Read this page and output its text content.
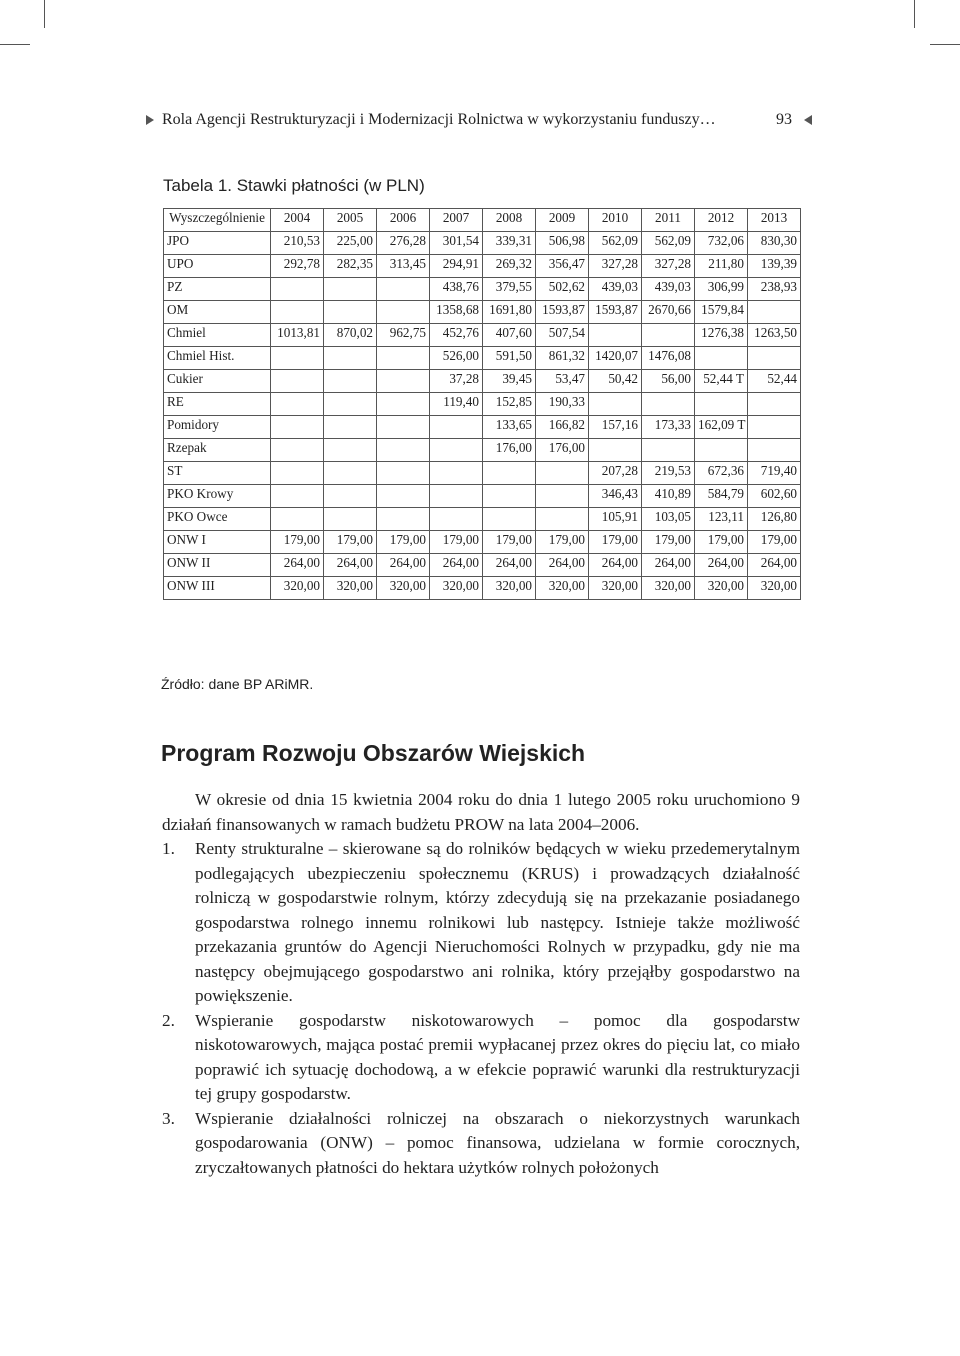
Rola Agencji Restrukturyzacji i Modernizacji Rolnictwa w wykorzystaniu funduszy…	93
Tabela 1. Stawki płatności (w PLN)
Wyszczególnienie	2004	2005	2006	2007	2008	2009	2010	2011	2012	2013
JPO	210,53	225,00	276,28	301,54	339,31	506,98	562,09	562,09	732,06	830,30
UPO	292,78	282,35	313,45	294,91	269,32	356,47	327,28	327,28	211,80	139,39
PZ				438,76	379,55	502,62	439,03	439,03	306,99	238,93
OM				1358,68	1691,80	1593,87	1593,87	2670,66	1579,84	
Chmiel	1013,81	870,02	962,75	452,76	407,60	507,54			1276,38	1263,50
Chmiel Hist.				526,00	591,50	861,32	1420,07	1476,08		
Cukier				37,28	39,45	53,47	50,42	56,00	52,44 T	52,44
RE				119,40	152,85	190,33				
Pomidory					133,65	166,82	157,16	173,33	162,09 T	
Rzepak					176,00	176,00				
ST							207,28	219,53	672,36	719,40
PKO Krowy							346,43	410,89	584,79	602,60
PKO Owce							105,91	103,05	123,11	126,80
ONW I	179,00	179,00	179,00	179,00	179,00	179,00	179,00	179,00	179,00	179,00
ONW II	264,00	264,00	264,00	264,00	264,00	264,00	264,00	264,00	264,00	264,00
ONW III	320,00	320,00	320,00	320,00	320,00	320,00	320,00	320,00	320,00	320,00
Źródło: dane BP ARiMR.
Program Rozwoju Obszarów Wiejskich

W okresie od dnia 15 kwietnia 2004 roku do dnia 1 lutego 2005 roku uruchomiono 9 działań finansowanych w ramach budżetu PROW na lata 2004–2006.

1. Renty strukturalne – skierowane są do rolników będących w wieku przedemerytalnym podlegających ubezpieczeniu społecznemu (KRUS) i prowadzących działalność rolniczą w gospodarstwie rolnym, którzy zdecydują się na przekazanie posiadanego gospodarstwa rolnego innemu rolnikowi lub następcy. Istnieje także możliwość przekazania gruntów do Agencji Nieruchomości Rolnych w przypadku, gdy nie ma następcy obejmującego gospodarstwo ani rolnika, który przejąłby gospodarstwo na powiększenie.
2. Wspieranie gospodarstw niskotowarowych – pomoc dla gospodarstw niskotowarowych, mająca postać premii wypłacanej przez okres do pięciu lat, co miało poprawić ich sytuację dochodową, a w efekcie poprawić warunki dla restrukturyzacji tej grupy gospodarstw.
3. Wspieranie działalności rolniczej na obszarach o niekorzystnych warunkach gospodarowania (ONW) – pomoc finansowa, udzielana w formie corocznych, zryczałtowanych płatności do hektara użytków rolnych położonych
